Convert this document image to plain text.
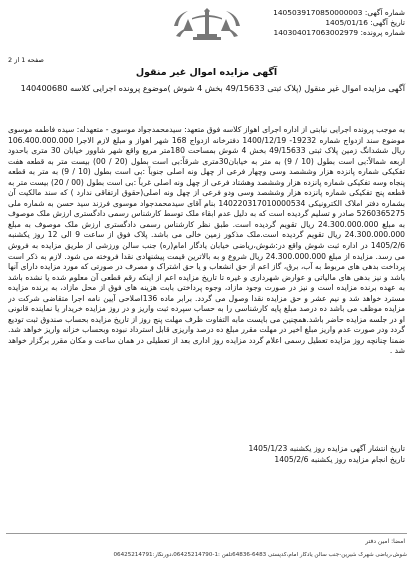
شماره آگهی: 1405039170850000003
تاریخ آگهی: 1405/01/16
شماره پرونده: 140304017063002979
صفحه 1 از 2
آگهی مزایده اموال غیر منقول
آگهی مزایده اموال غیر منقول (پلاک ثبتی 49/15633 بخش 4 شوش )موضوع پرونده اجرایی کلاسه 140400680
به موجب پرونده اجرایی نیابتی از اداره اجرای اهواز کلاسه فوق متعهد: سیدمحمدجواد موسوی - متعهدله: سیده فاطمه موسوی موضوع سند ازدواج شماره 19232- 1400/12/19 دفترخانه ازدواج 168 شهر اهواز و مبلغ لازم الاجرا 106.400.000.000 ریال ششدانگ زمین پلاک ثبتی 49/15633 بخش 4 شوش بمساحت 180متر مربع واقع شهر شاوور خیابان 30 متری باحدود اربعه شمالاً:بی است بطول (10 / 9) به متر به خیابان30متری شرقاً:بی است بطول (20 / 00) بیست متر به قطعه هفت تفکیکی شماره پانزده هزار وششصد وسی وچهار فرعی از چهل ونه اصلی جنوباً :بی است بطول (10 / 9) به متر به قطعه پنجاه وسه تفکیکی شماره پانزده هزار وششصد وهشتاد فرعی از چهل ونه اصلی غرباً :بی است بطول (00 / 20) بیست متر به قطعه پنج تفکیکی شماره پانزده هزار وششصد وسی ودو فرعی از چهل ونه اصلی(حقوق ارتفاقی ندارد ) که سند مالکیت آن بشماره دفتر املاک الکترونیکی 140220317010000534 بنام آقای سیدمحمدجواد موسوی فرزند سید حسن به شماره ملی 5260365275 صادر و تسلیم گردیده است که به دلیل عدم ابقاء ملک توسط کارشناس رسمی دادگستری ارزش ملک موصوف به مبلغ 24.300.000.000 ریال تقویم گردیده است. طبق نظر کارشناس رسمی دادگستری ارزش ملک موصوف به مبلغ 24.300.000.000 ریال تقویم گردیده است.ملک مذکور زمین خالی می باشد. پلاک فوق از ساعت 9 الی 12 روز یکشنبه 1405/2/6 در اداره ثبت شوش واقع در:شوش،ریاضی خیابان یادگار امام(ره) جنب سالن ورزشی از طریق مزایده به فروش می رسد. مزایده از مبلغ 24.300.000.000 ریال شروع و به بالاترین قیمت پیشنهادی نقدا فروخته می شود. لازم به ذکر است پرداخت بدهی های مربوط به آب، برق، گاز اعم از حق انشعاب و یا حق اشتراک و مصرف در صورتی که مورد مزایده دارای آنها باشد و نیز بدهی های مالیاتی و عوارض شهرداری و غیره تا تاریخ مزایده اعم از اینکه رقم قطعی آن معلوم شده یا نشده باشد به عهده برنده مزایده است و نیز در صورت وجود مازاد، وجوه پرداختی بابت هزینه های فوق از محل مازاد، به برنده مزایده مسترد خواهد شد و نیم عشر و حق مزایده نقدا وصول می گردد. برابر ماده 136اصلاحی آیین نامه اجرا متقاضی شرکت در مزایده موظف می باشد ده درصد مبلغ پایه کارشناسی را به حساب سپرده ثبت واریز و در روز مزایده خریدار یا نماینده قانونی او در جلسه مزایده حاضر باشد.همچنین می بایست مابه التفاوت ظرف مهلت پنج روز از تاریخ مزایده بحساب صندوق ثبت تودیع گردد ودر صورت عدم واریز مبلغ اخیر در مهلت مقرر مبلغ ده درصد واریزی قابل استرداد نبوده وبحساب خزانه واریز خواهد شد. ضمنا چنانچه روز مزایده تعطیل رسمی اعلام گردد مزایده روز اداری بعد از تعطیلی در همان ساعت و مکان مقرر برگزار خواهد شد .
تاریخ انتشار آگهی مزایده روز یکشنبه 1405/1/23
تاریخ انجام مزایده روز یکشنبه 1405/2/6
امضا: امین دفتر
شوش،ریاضی شهرک شیرین-جنب سالن یادگار امام،کدپستی 6483-64836تلفن :1-06425214790،دورنگار:06425214791
